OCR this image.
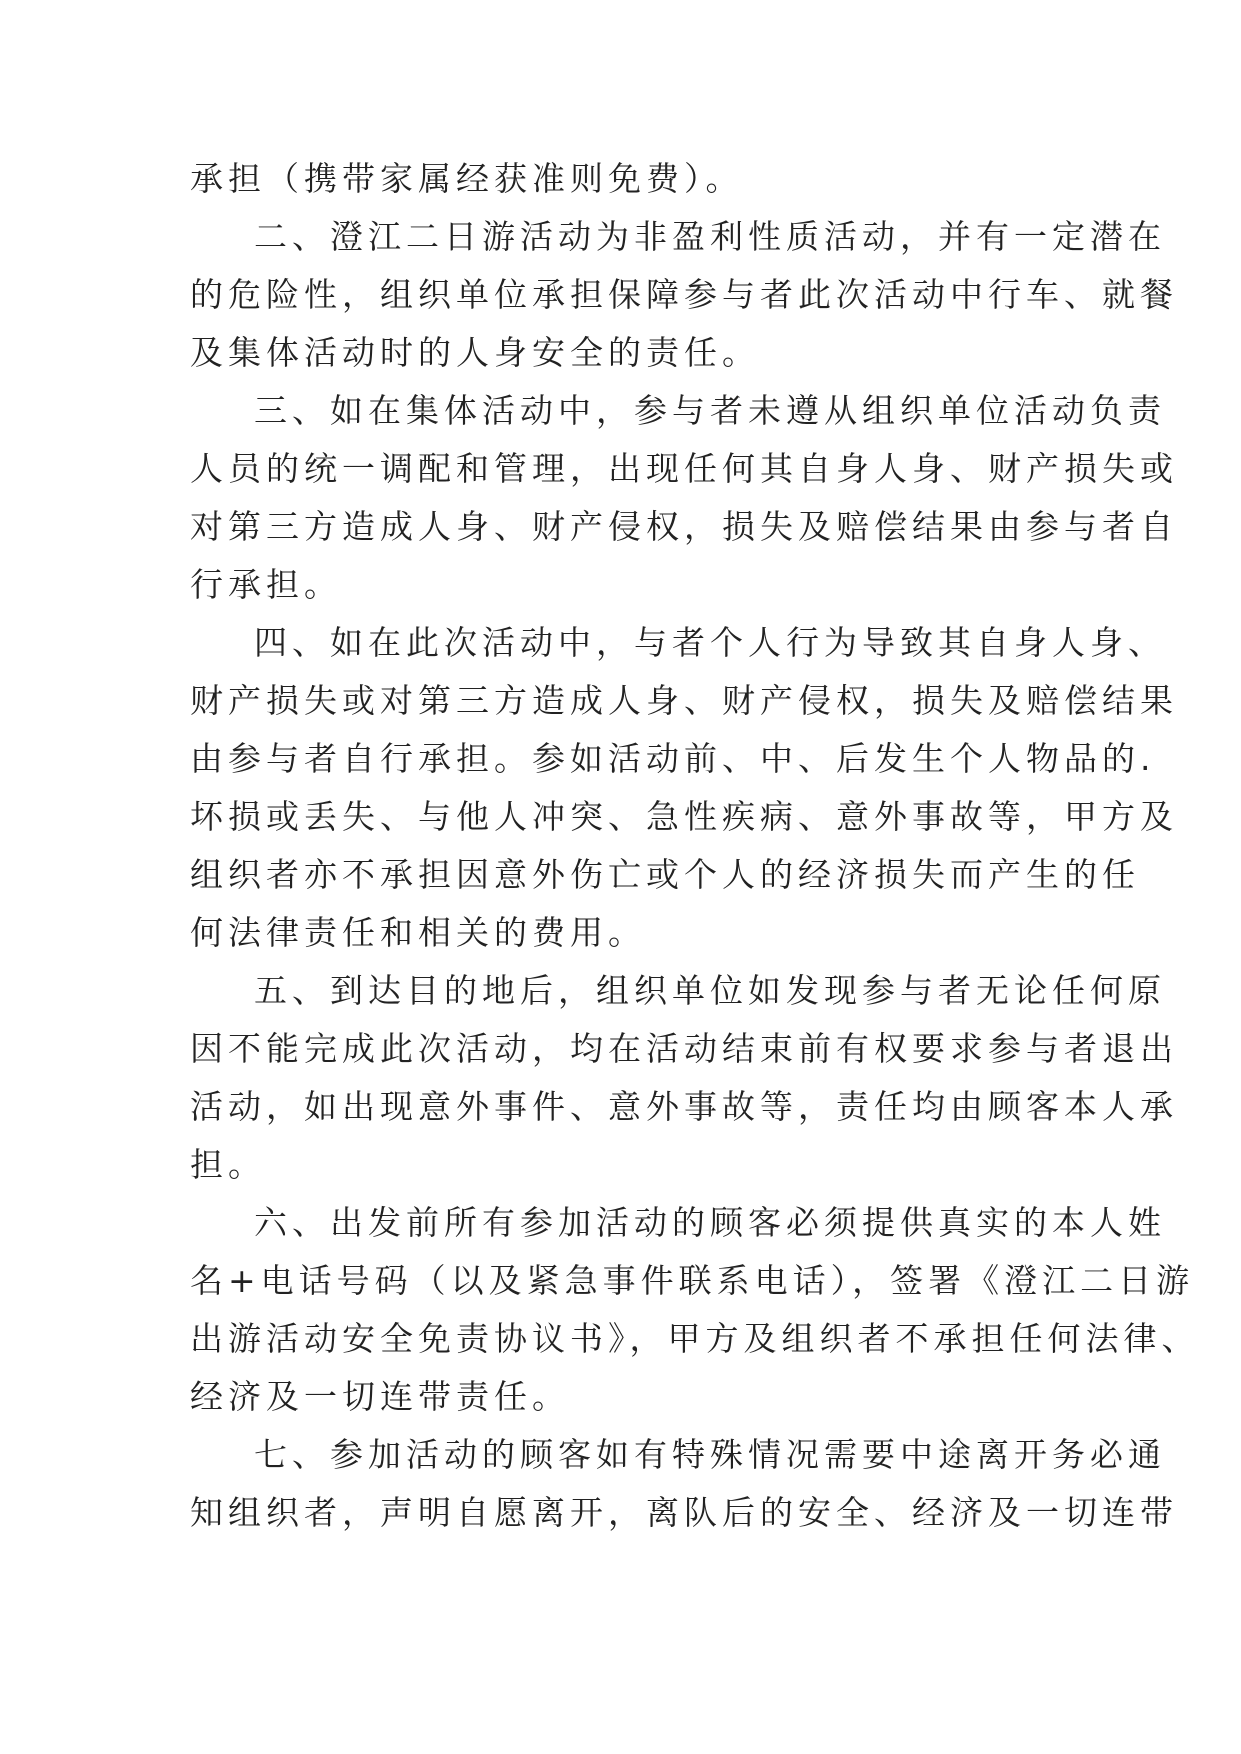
承担（携带家属经获准则免费）。
二、澄江二日游活动为非盈利性质活动，并有一定潜在
的危险性，组织单位承担保障参与者此次活动中行车、就餐
及集体活动时的人身安全的责任。
三、如在集体活动中，参与者未遵从组织单位活动负责
人员的统一调配和管理，出现任何其自身人身、财产损失或
对第三方造成人身、财产侵权，损失及赔偿结果由参与者自
行承担。
四、如在此次活动中，与者个人行为导致其自身人身、
财产损失或对第三方造成人身、财产侵权，损失及赔偿结果
由参与者自行承担。参如活动前、中、后发生个人物品的.
坏损或丢失、与他人冲突、急性疾病、意外事故等，甲方及
组织者亦不承担因意外伤亡或个人的经济损失而产生的任
何法律责任和相关的费用。
五、到达目的地后，组织单位如发现参与者无论任何原
因不能完成此次活动，均在活动结束前有权要求参与者退出
活动，如出现意外事件、意外事故等，责任均由顾客本人承
担。
六、出发前所有参加活动的顾客必须提供真实的本人姓
名+电话号码（以及紧急事件联系电话），签署《澄江二日游
出游活动安全免责协议书》，甲方及组织者不承担任何法律、
经济及一切连带责任。
七、参加活动的顾客如有特殊情况需要中途离开务必通
知组织者，声明自愿离开，离队后的安全、经济及一切连带
